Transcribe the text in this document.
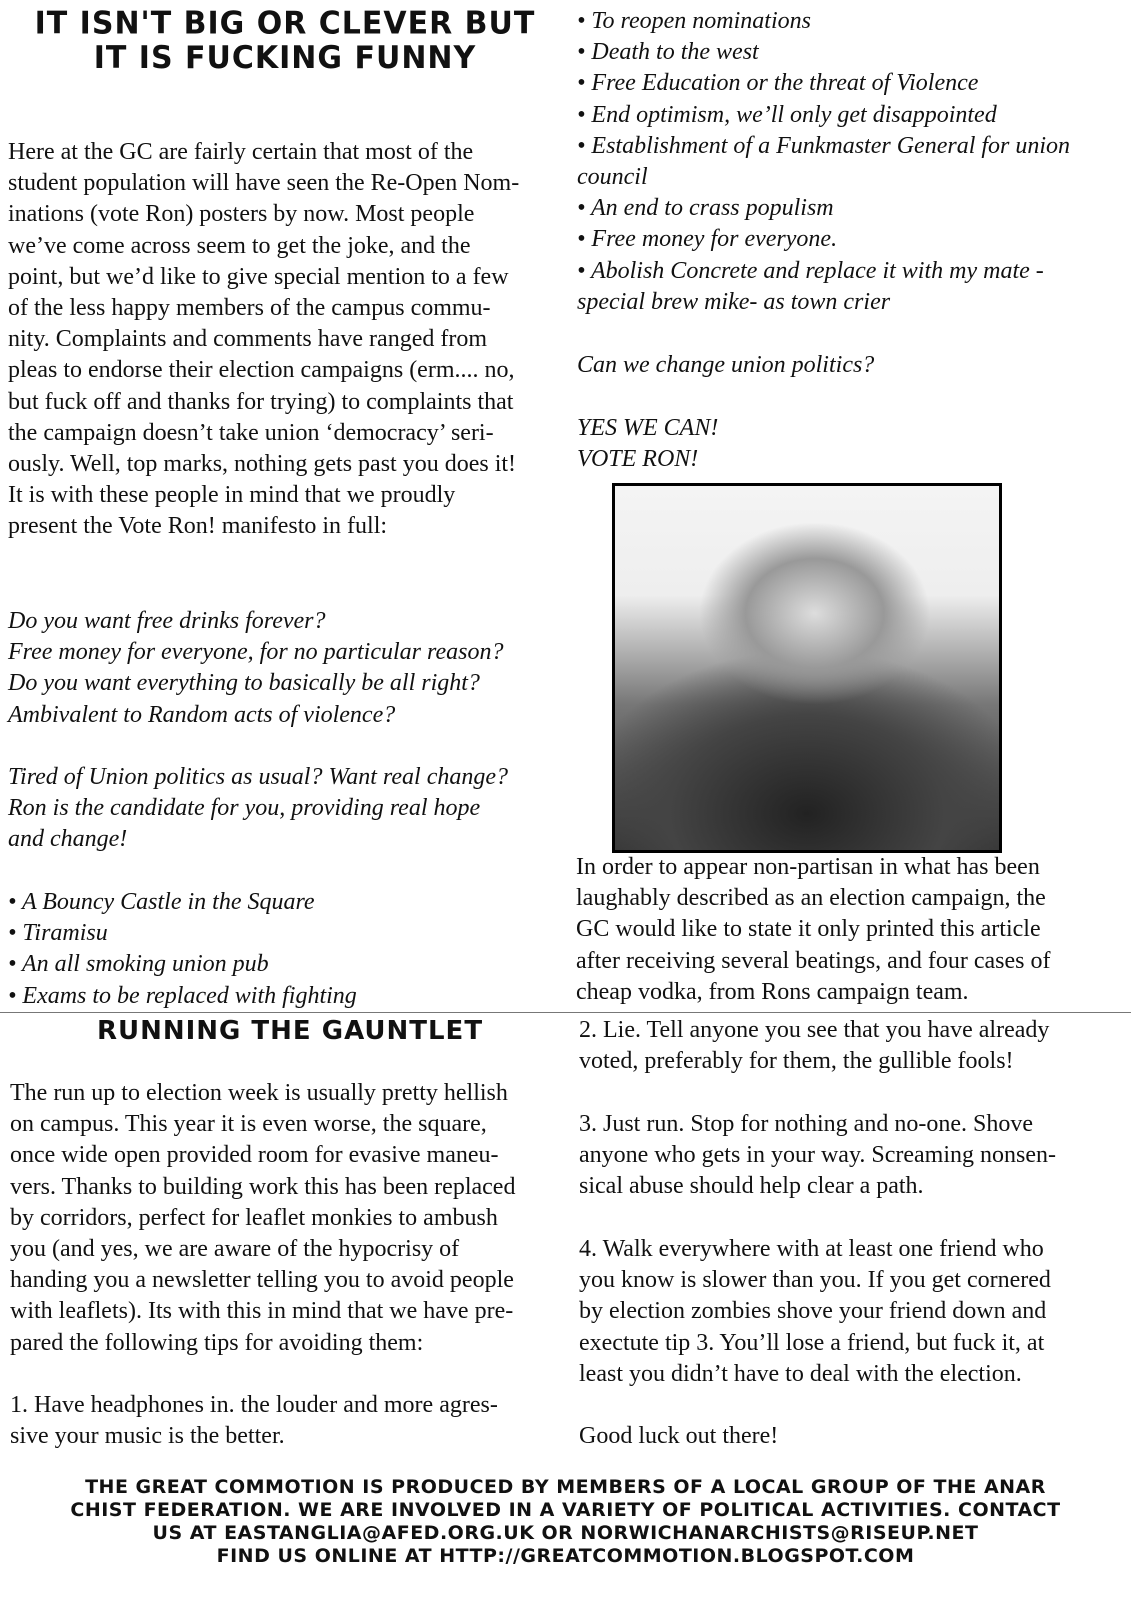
IT ISN'T BIG OR CLEVER BUT
IT IS FUCKING FUNNY
Here at the GC are fairly certain that most of the
student population will have seen the Re-Open Nom-
inations (vote Ron) posters by now. Most people
we’ve come across seem to get the joke, and the
point, but we’d like to give special mention to a few
of the less happy members of the campus commu-
nity. Complaints and comments have ranged from
pleas to endorse their election campaigns (erm.... no,
but fuck off and thanks for trying) to complaints that
the campaign doesn’t take union ‘democracy’ seri-
ously. Well, top marks, nothing gets past you does it!
It is with these people in mind that we proudly
present the Vote Ron! manifesto in full:
Do you want free drinks forever?
Free money for everyone, for no particular reason?
Do you want everything to basically be all right?
Ambivalent to Random acts of violence?
Tired of Union politics as usual? Want real change?
Ron is the candidate for you, providing real hope
and change!
• A Bouncy Castle in the Square
• Tiramisu
• An all smoking union pub
• Exams to be replaced with fighting
• To reopen nominations
• Death to the west
• Free Education or the threat of Violence
• End optimism, we’ll only get disappointed
• Establishment of a Funkmaster General for union
council
• An end to crass populism
• Free money for everyone.
• Abolish Concrete and replace it with my mate -
special brew mike- as town crier
Can we change union politics?
YES WE CAN!
VOTE RON!
In order to appear non-partisan in what has been
laughably described as an election campaign, the
GC would like to state it only printed this article
after receiving several beatings, and four cases of
cheap vodka, from Rons campaign team.
RUNNING THE GAUNTLET
The run up to election week is usually pretty hellish
on campus. This year it is even worse, the square,
once wide open provided room for evasive maneu-
vers. Thanks to building work this has been replaced
by corridors, perfect for leaflet monkies to ambush
you (and yes, we are aware of the hypocrisy of
handing you a newsletter telling you to avoid people
with leaflets). Its with this in mind that we have pre-
pared the following tips for avoiding them:
1. Have headphones in. the louder and more agres-
sive your music is the better.
2. Lie. Tell anyone you see that you have already
voted, preferably for them, the gullible fools!
3. Just run. Stop for nothing and no-one. Shove
anyone who gets in your way. Screaming nonsen-
sical abuse should help clear a path.
4. Walk everywhere with at least one friend who
you know is slower than you. If you get cornered
by election zombies shove your friend down and
exectute tip 3. You’ll lose a friend, but fuck it, at
least you didn’t have to deal with the election.
Good luck out there!
THE GREAT COMMOTION IS PRODUCED BY MEMBERS OF A LOCAL GROUP OF THE ANAR
CHIST FEDERATION. WE ARE INVOLVED IN A VARIETY OF POLITICAL ACTIVITIES. CONTACT
US AT EASTANGLIA@AFED.ORG.UK OR NORWICHANARCHISTS@RISEUP.NET
FIND US ONLINE AT HTTP://GREATCOMMOTION.BLOGSPOT.COM
